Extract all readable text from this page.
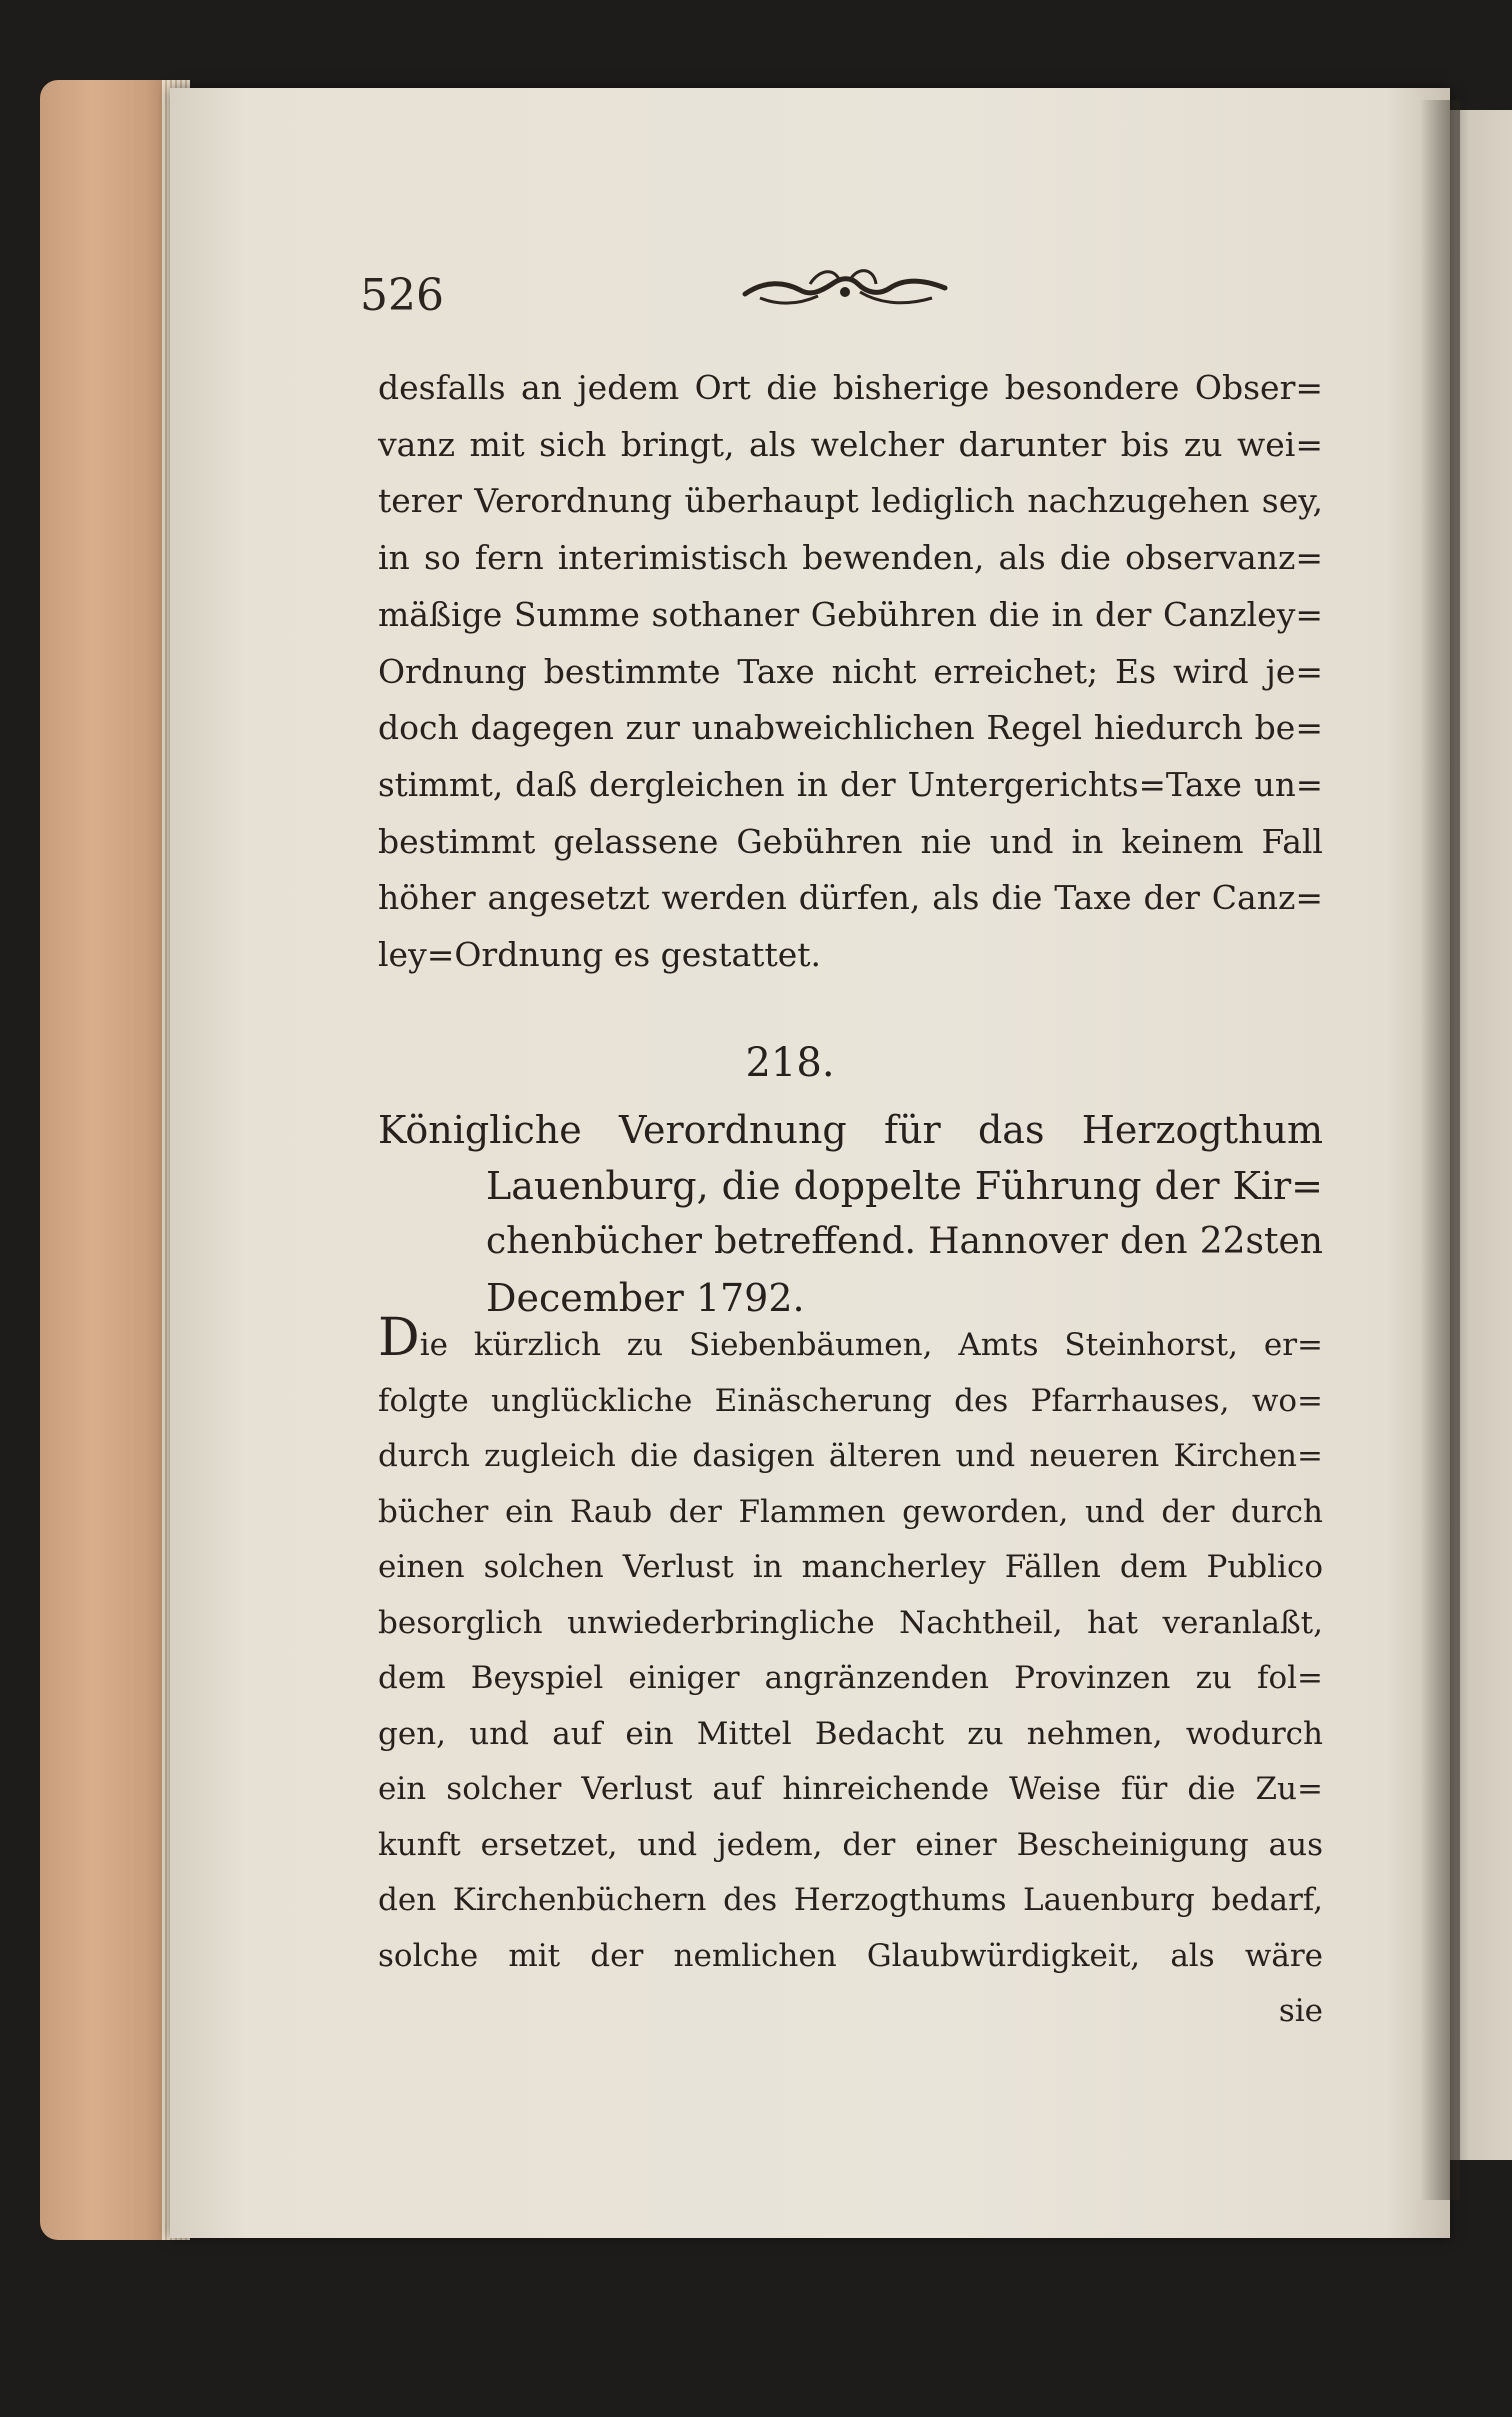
526
desfalls an jedem Ort die bisherige besondere Obser=
vanz mit sich bringt, als welcher darunter bis zu wei=
terer Verordnung überhaupt lediglich nachzugehen sey,
in so fern interimistisch bewenden, als die observanz=
mäßige Summe sothaner Gebühren die in der Canzley=
Ordnung bestimmte Taxe nicht erreichet; Es wird je=
doch dagegen zur unabweichlichen Regel hiedurch be=
stimmt, daß dergleichen in der Untergerichts=Taxe un=
bestimmt gelassene Gebühren nie und in keinem Fall
höher angesetzt werden dürfen, als die Taxe der Canz=
ley=Ordnung es gestattet.
218.
Königliche Verordnung für das Herzogthum
Lauenburg, die doppelte Führung der Kir=
chenbücher betreffend. Hannover den 22sten
December 1792.
Die kürzlich zu Siebenbäumen, Amts Steinhorst, er=
folgte unglückliche Einäscherung des Pfarrhauses, wo=
durch zugleich die dasigen älteren und neueren Kirchen=
bücher ein Raub der Flammen geworden, und der durch
einen solchen Verlust in mancherley Fällen dem Publico
besorglich unwiederbringliche Nachtheil, hat veranlaßt,
dem Beyspiel einiger angränzenden Provinzen zu fol=
gen, und auf ein Mittel Bedacht zu nehmen, wodurch
ein solcher Verlust auf hinreichende Weise für die Zu=
kunft ersetzet, und jedem, der einer Bescheinigung aus
den Kirchenbüchern des Herzogthums Lauenburg bedarf,
solche mit der nemlichen Glaubwürdigkeit, als wäre
sie
